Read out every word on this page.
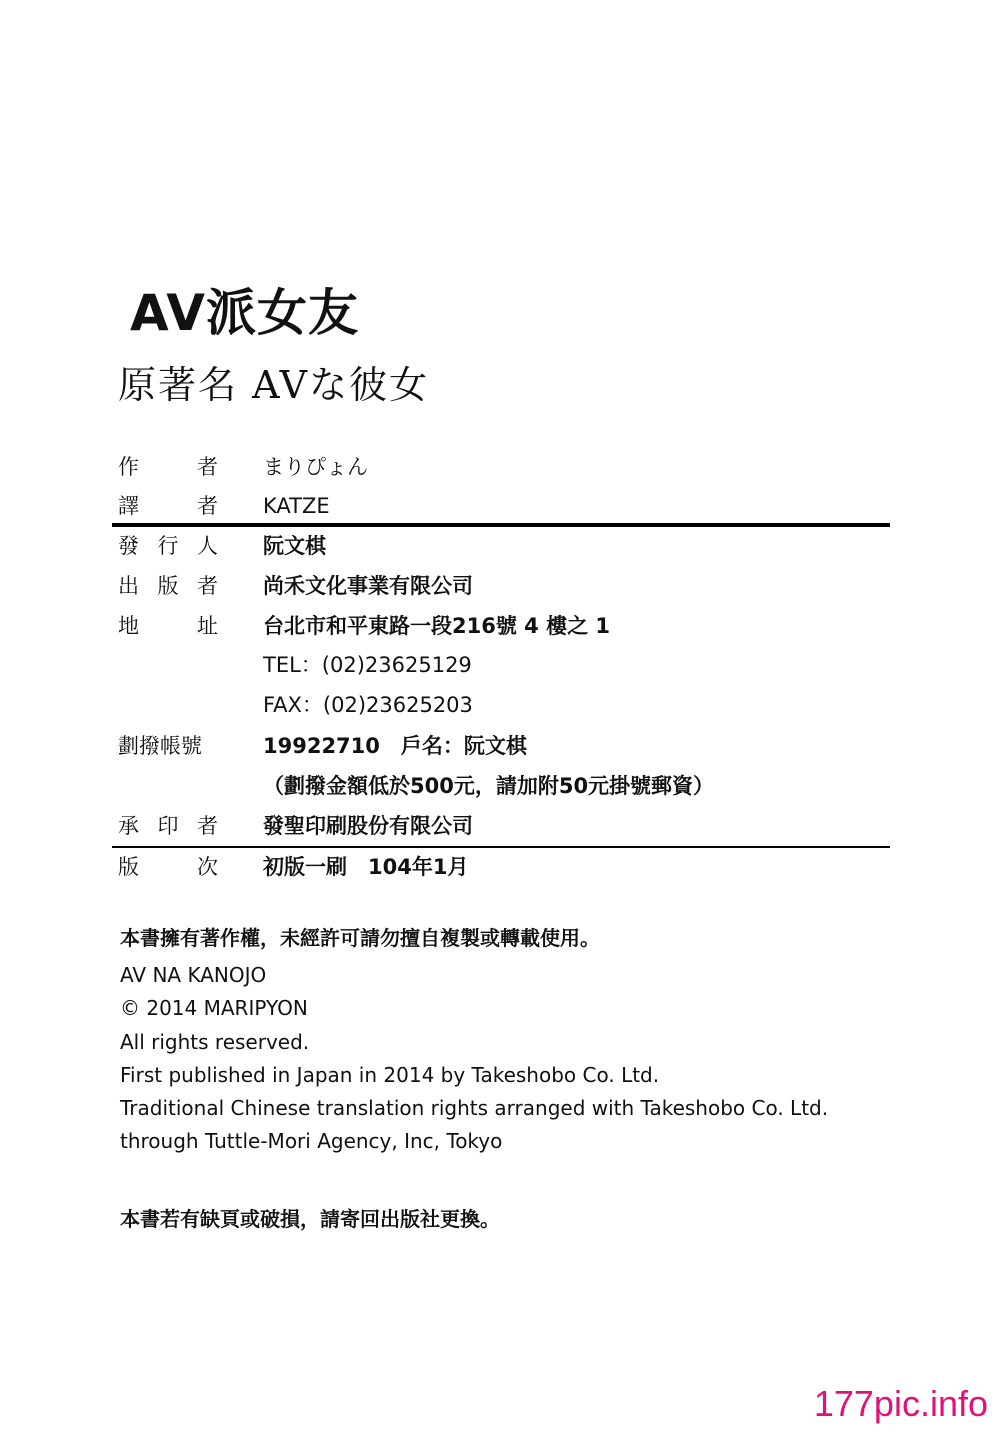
AV派女友
原著名 AVな彼女
作	者 まりぴょん
譯	者 KATZE
發 行 人 阮文棋
出 版 者 尚禾文化事業有限公司
地	址 台北市和平東路一段216號 4 樓之 1
TEL：(02)23625129
FAX：(02)23625203
劃撥帳號	19922710　戶名：阮文棋
（劃撥金額低於500元，請加附50元掛號郵資）
承 印 者 發聖印刷股份有限公司
版	次 初版一刷　104年1月
本書擁有著作權，未經許可請勿擅自複製或轉載使用。
AV NA KANOJO
© 2014 MARIPYON
All rights reserved.
First published in Japan in 2014 by Takeshobo Co. Ltd.
Traditional Chinese translation rights arranged with Takeshobo Co. Ltd.
through Tuttle-Mori Agency, Inc, Tokyo
本書若有缺頁或破損，請寄回出版社更換。
177pic.info
